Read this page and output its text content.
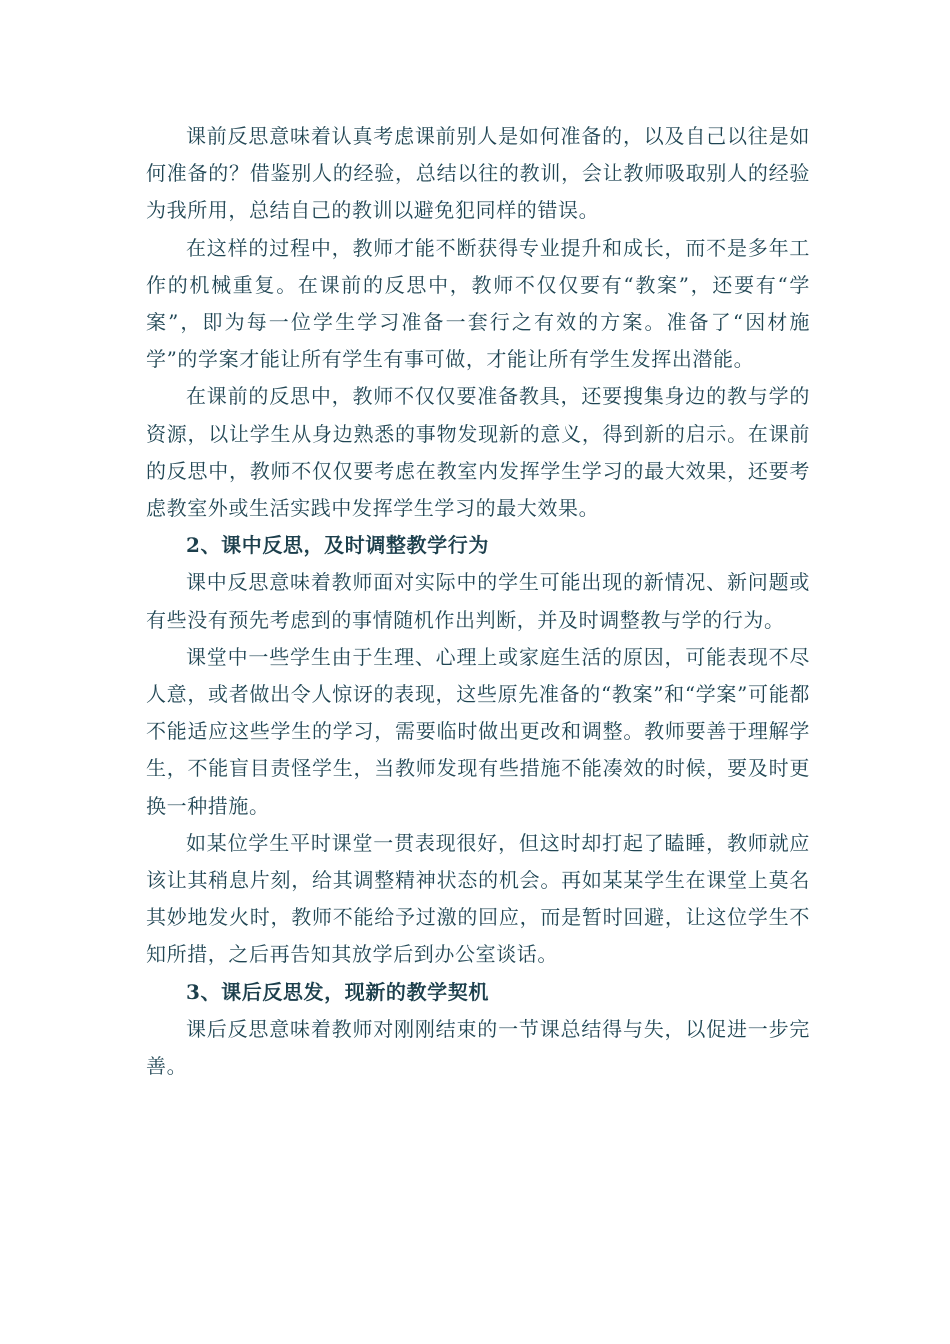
课前反思意味着认真考虑课前别人是如何准备的，以及自己以往是如何准备的？借鉴别人的经验，总结以往的教训，会让教师吸取别人的经验为我所用，总结自己的教训以避免犯同样的错误。

在这样的过程中，教师才能不断获得专业提升和成长，而不是多年工作的机械重复。在课前的反思中，教师不仅仅要有“教案”，还要有“学案”，即为每一位学生学习准备一套行之有效的方案。准备了“因材施学”的学案才能让所有学生有事可做，才能让所有学生发挥出潜能。

在课前的反思中，教师不仅仅要准备教具，还要搜集身边的教与学的资源，以让学生从身边熟悉的事物发现新的意义，得到新的启示。在课前的反思中，教师不仅仅要考虑在教室内发挥学生学习的最大效果，还要考虑教室外或生活实践中发挥学生学习的最大效果。

2、课中反思，及时调整教学行为

课中反思意味着教师面对实际中的学生可能出现的新情况、新问题或有些没有预先考虑到的事情随机作出判断，并及时调整教与学的行为。

课堂中一些学生由于生理、心理上或家庭生活的原因，可能表现不尽人意，或者做出令人惊讶的表现，这些原先准备的“教案”和“学案”可能都不能适应这些学生的学习，需要临时做出更改和调整。教师要善于理解学生，不能盲目责怪学生，当教师发现有些措施不能凑效的时候，要及时更换一种措施。

如某位学生平时课堂一贯表现很好，但这时却打起了瞌睡，教师就应该让其稍息片刻，给其调整精神状态的机会。再如某某学生在课堂上莫名其妙地发火时，教师不能给予过激的回应，而是暂时回避，让这位学生不知所措，之后再告知其放学后到办公室谈话。

3、课后反思发，现新的教学契机

课后反思意味着教师对刚刚结束的一节课总结得与失，以促进一步完善。
